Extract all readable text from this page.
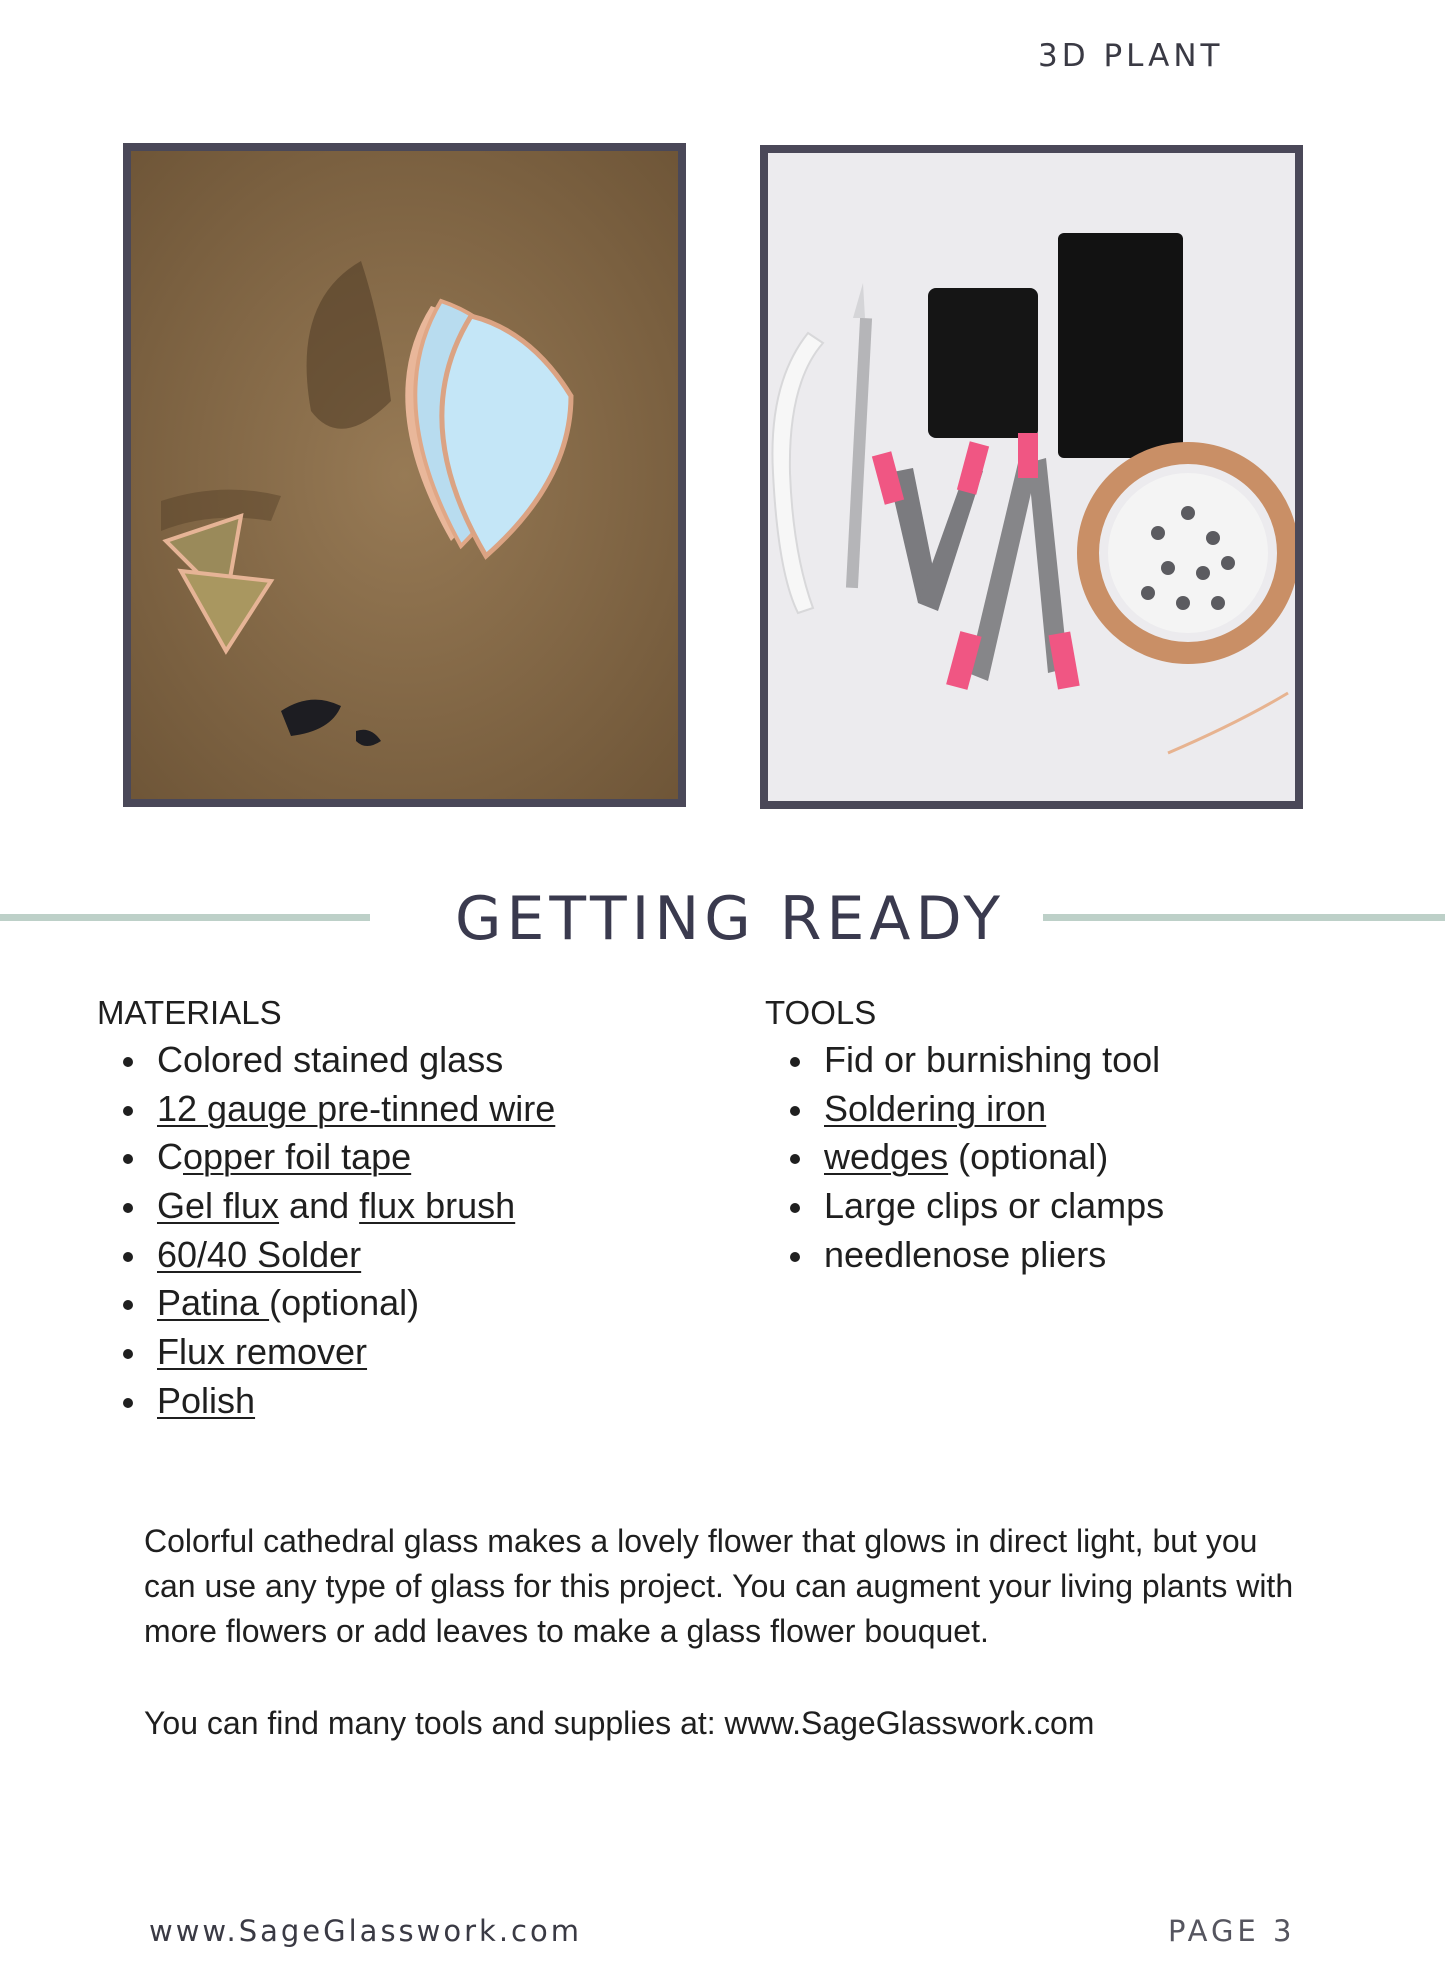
3D PLANT
GETTING READY
MATERIALS
Colored stained glass
12 gauge pre-tinned wire
Copper foil tape
Gel flux and flux brush
60/40 Solder
Patina (optional)
Flux remover
Polish
TOOLS
Fid or burnishing tool
Soldering iron
wedges (optional)
Large clips or clamps
needlenose pliers

Colorful cathedral glass makes a lovely flower that glows in direct light, but you can use any type of glass for this project. You can augment your living plants with more flowers or add leaves to make a glass flower bouquet.

You can find many tools and supplies at: www.SageGlasswork.com

www.SageGlasswork.com	PAGE 3
